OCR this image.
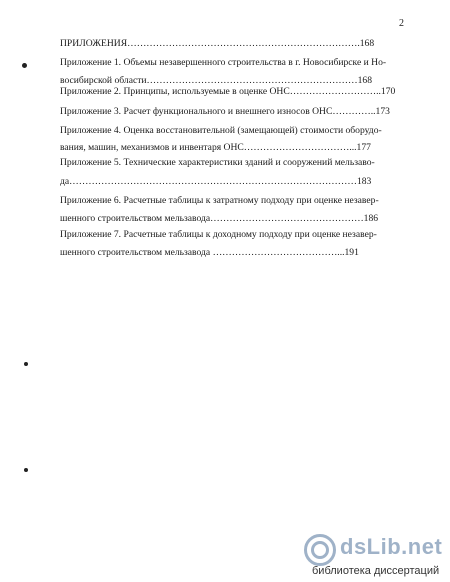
2
ПРИЛОЖЕНИЯ……………………………………………………………….168
Приложение 1. Объемы незавершенного строительства в г. Новосибирске и Но-
восибирской области…………………………………………………………168
Приложение 2. Принципы, используемые в оценке ОНС………………………..170
Приложение 3. Расчет функционального и внешнего износов ОНС…………..173
Приложение 4. Оценка восстановительной (замещающей) стоимости оборудо-
вания, машин, механизмов и инвентаря ОНС……………………………...177
Приложение 5. Технические характеристики зданий и сооружений мельзаво-
да………………………………………………………………………………183
Приложение 6. Расчетные таблицы к затратному подходу при оценке незавер-
шенного строительством мельзавода…………………………………………186
Приложение 7. Расчетные таблицы к доходному подходу при оценке незавер-
шенного строительством мельзавода …………………………………...191
dsLib.net
библиотека диссертаций
